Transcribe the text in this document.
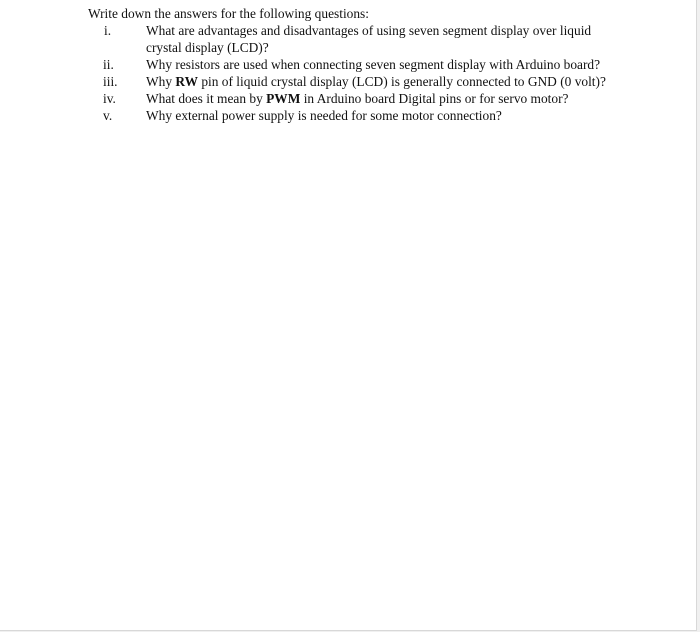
Write down the answers for the following questions:

i.	What are advantages and disadvantages of using seven segment display over liquid
crystal display (LCD)?
ii.	Why resistors are used when connecting seven segment display with Arduino board?
iii.	Why RW pin of liquid crystal display (LCD) is generally connected to GND (0 volt)?
iv.	What does it mean by PWM in Arduino board Digital pins or for servo motor?
v.	Why external power supply is needed for some motor connection?
